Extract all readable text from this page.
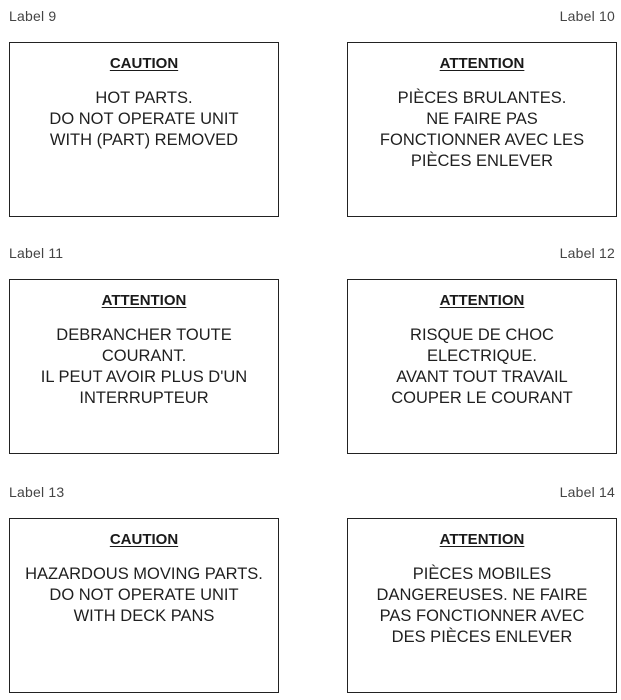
Label 9	Label 10
CAUTION
HOT PARTS.
DO NOT OPERATE UNIT
WITH (PART) REMOVED
ATTENTION
PIÈCES BRULANTES.
NE FAIRE PAS
FONCTIONNER AVEC LES
PIÈCES ENLEVER
Label 11	Label 12
ATTENTION
DEBRANCHER TOUTE
COURANT.
IL PEUT AVOIR PLUS D'UN
INTERRUPTEUR
ATTENTION
RISQUE DE CHOC
ELECTRIQUE.
AVANT TOUT TRAVAIL
COUPER LE COURANT
Label 13	Label 14
CAUTION
HAZARDOUS MOVING PARTS.
DO NOT OPERATE UNIT
WITH DECK PANS
ATTENTION
PIÈCES MOBILES
DANGEREUSES. NE FAIRE
PAS FONCTIONNER AVEC
DES PIÈCES ENLEVER
